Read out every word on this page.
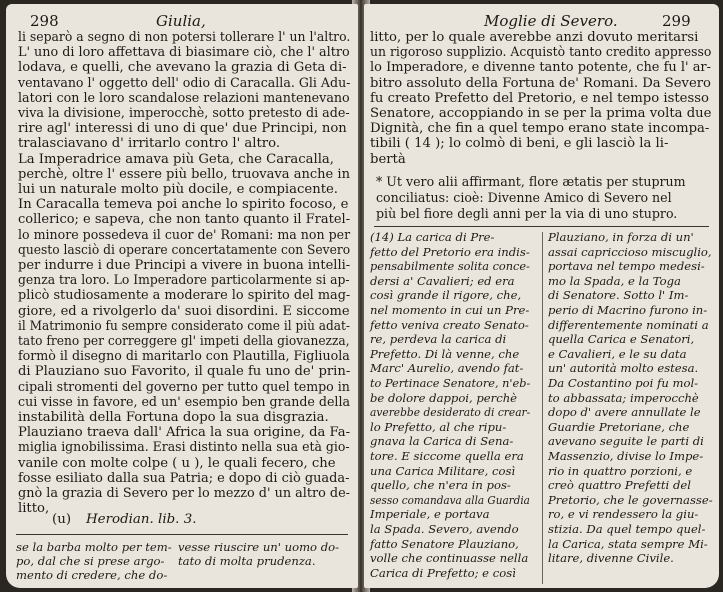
298	Giulia,
li separò a segno di non potersi tollerare l' un l'altro.
L' uno di loro affettava di biasimare ciò, che l' altro
lodava, e quelli, che avevano la grazia di Geta di-
ventavano l' oggetto dell' odio di Caracalla. Gli Adu-
latori con le loro scandalose relazioni mantenevano
viva la divisione, imperocchè, sotto pretesto di ade-
rire agl' interessi di uno di que' due Principi, non
tralasciavano d' irritarlo contro l' altro.
La Imperadrice amava più Geta, che Caracalla,
perchè, oltre l' essere più bello, truovava anche in
lui un naturale molto più docile, e compiacente.
In Caracalla temeva poi anche lo spirito focoso, e
collerico; e sapeva, che non tanto quanto il Fratel-
lo minore possedeva il cuor de' Romani: ma non per
questo lasciò di operare concertatamente con Severo
per indurre i due Principi a vivere in buona intelli-
genza tra loro. Lo Imperadore particolarmente si ap-
plicò studiosamente a moderare lo spirito del mag-
giore, ed a rivolgerlo da' suoi disordini. E siccome
il Matrimonio fu sempre considerato come il più adat-
tato freno per correggere gl' impeti della giovanezza,
formò il disegno di maritarlo con Plautilla, Figliuola
di Plauziano suo Favorito, il quale fu uno de' prin-
cipali stromenti del governo per tutto quel tempo in
cui visse in favore, ed un' esempio ben grande della
instabilità della Fortuna dopo la sua disgrazia.
Plauziano traeva dall' Africa la sua origine, da Fa-
miglia ignobilissima. Erasi distinto nella sua età gio-
vanile con molte colpe ( u ), le quali fecero, che
fosse esiliato dalla sua Patria; e dopo di ciò guada-
gnò la grazia di Severo per lo mezzo d' un altro de-
litto,
(u) Herodian. lib. 3.
se la barba molto per tem-
po, dal che si prese argo-
mento di credere, che do-
vesse riuscire un' uomo do-
tato di molta prudenza.
Moglie di Severo.	299
litto, per lo quale averebbe anzi dovuto meritarsi
un rigoroso supplizio. Acquistò tanto credito appresso
lo Imperadore, e divenne tanto potente, che fu l' ar-
bitro assoluto della Fortuna de' Romani. Da Severo
fu creato Prefetto del Pretorio, e nel tempo istesso
Senatore, accoppiando in se per la prima volta due
Dignità, che fin a quel tempo erano state incompa-
tibili ( 14 ); lo colmò di beni, e gli lasciò la li-
bertà
* Ut vero alii affirmant, flore ætatis per stuprum
conciliatus: cioè: Divenne Amico di Severo nel
più bel fiore degli anni per la via di uno stupro.
(14) La carica di Pre-
fetto del Pretorio era indis-
pensabilmente solita conce-
dersi a' Cavalieri; ed era
così grande il rigore, che,
nel momento in cui un Pre-
fetto veniva creato Senato-
re, perdeva la carica di
Prefetto. Di là venne, che
Marc' Aurelio, avendo fat-
to Pertinace Senatore, n'eb-
be dolore dappoi, perchè
averebbe desiderato di crear-
lo Prefetto, al che ripu-
gnava la Carica di Sena-
tore. E siccome quella era
una Carica Militare, così
quello, che n'era in pos-
sesso comandava alla Guardia
Imperiale, e portava
la Spada. Severo, avendo
fatto Senatore Plauziano,
volle che continuasse nella
Carica di Prefetto; e così
Plauziano, in forza di un'
assai capriccioso miscuglio,
portava nel tempo medesi-
mo la Spada, e la Toga
di Senatore. Sotto l' Im-
perio di Macrino furono in-
differentemente nominati a
quella Carica e Senatori,
e Cavalieri, e le su data
un' autorità molto estesa.
Da Costantino poi fu mol-
to abbassata; imperocchè
dopo d' avere annullate le
Guardie Pretoriane, che
avevano seguite le parti di
Massenzio, divise lo Impe-
rio in quattro porzioni, e
creò quattro Prefetti del
Pretorio, che le governasse-
ro, e vi rendessero la giu-
stizia. Da quel tempo quel-
la Carica, stata sempre Mi-
litare, divenne Civile.
